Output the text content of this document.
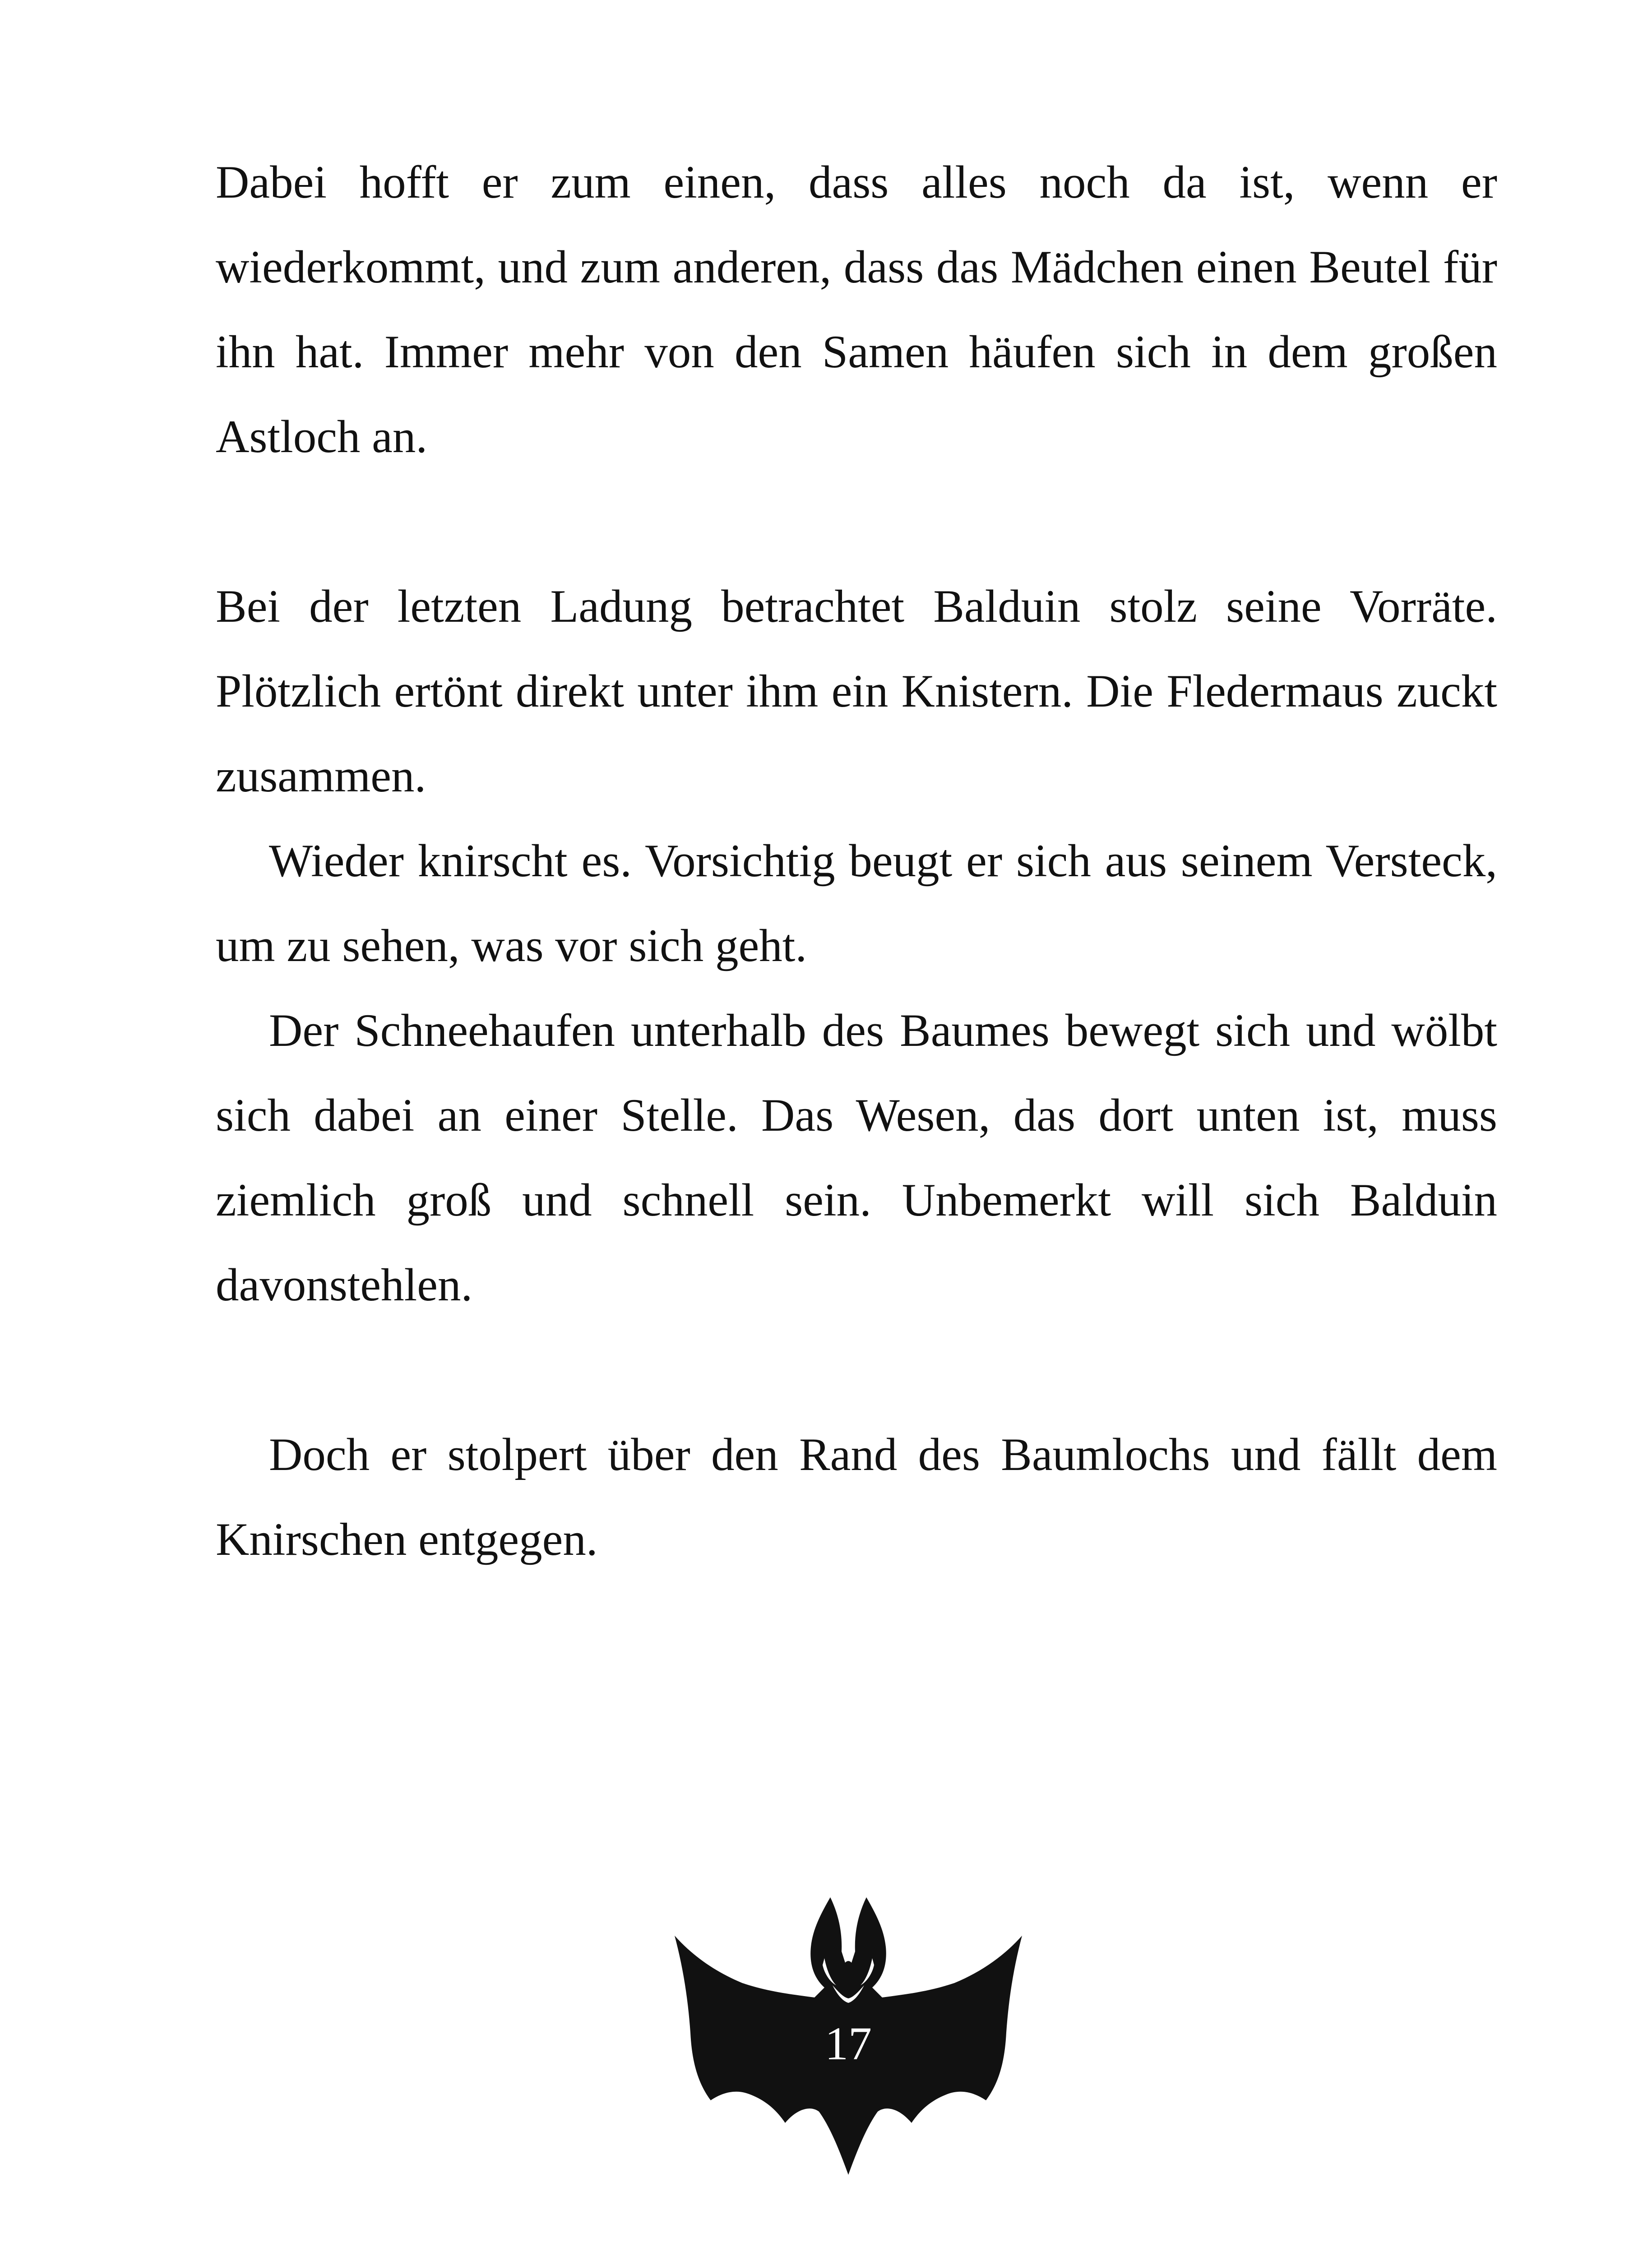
Dabei hofft er zum einen, dass alles noch da ist, wenn er wiederkommt, und zum anderen, dass das Mädchen einen Beutel für ihn hat. Immer mehr von den Samen häufen sich in dem großen Astloch an.

Bei der letzten Ladung betrachtet Balduin stolz seine Vorräte. Plötzlich ertönt direkt unter ihm ein Knistern. Die Fledermaus zuckt zusammen.

Wieder knirscht es. Vorsichtig beugt er sich aus seinem Versteck, um zu sehen, was vor sich geht.

Der Schneehaufen unterhalb des Baumes bewegt sich und wölbt sich dabei an einer Stelle. Das Wesen, das dort unten ist, muss ziemlich groß und schnell sein. Unbemerkt will sich Balduin davonstehlen.

Doch er stolpert über den Rand des Baumlochs und fällt dem Knirschen entgegen.

17
